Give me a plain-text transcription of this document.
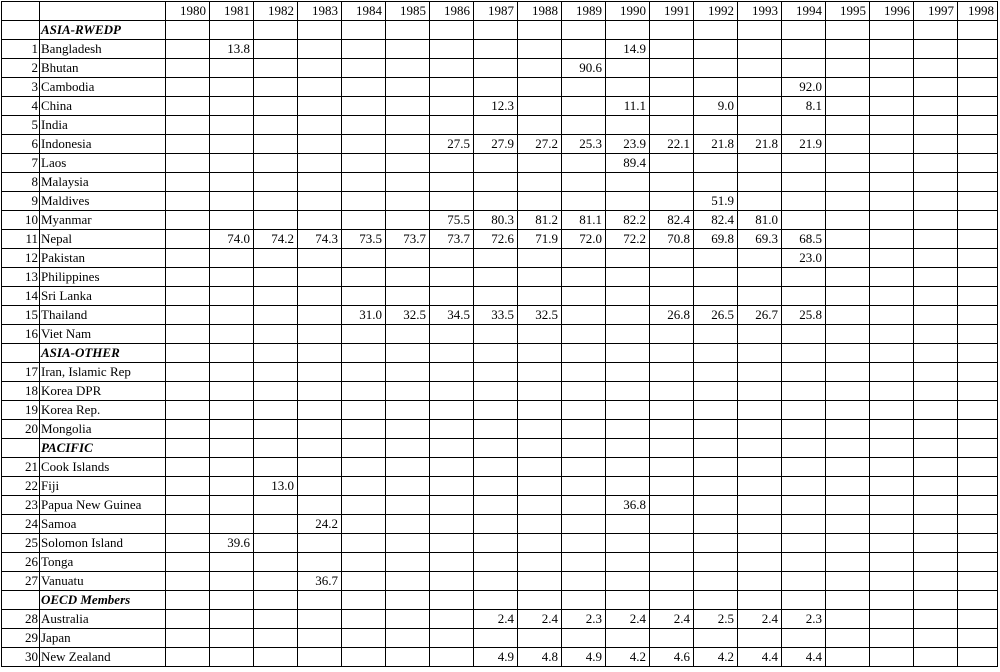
		1980	1981	1982	1983	1984	1985	1986	1987	1988	1989	1990	1991	1992	1993	1994	1995	1996	1997	1998
	ASIA-RWEDP																			
1	Bangladesh		13.8									14.9								
2	Bhutan										90.6									
3	Cambodia															92.0				
4	China								12.3			11.1		9.0		8.1				
5	India																			
6	Indonesia							27.5	27.9	27.2	25.3	23.9	22.1	21.8	21.8	21.9				
7	Laos											89.4								
8	Malaysia																			
9	Maldives													51.9						
10	Myanmar							75.5	80.3	81.2	81.1	82.2	82.4	82.4	81.0					
11	Nepal		74.0	74.2	74.3	73.5	73.7	73.7	72.6	71.9	72.0	72.2	70.8	69.8	69.3	68.5				
12	Pakistan															23.0				
13	Philippines																			
14	Sri Lanka																			
15	Thailand					31.0	32.5	34.5	33.5	32.5			26.8	26.5	26.7	25.8				
16	Viet Nam																			
	ASIA-OTHER																			
17	Iran, Islamic Rep																			
18	Korea DPR																			
19	Korea Rep.																			
20	Mongolia																			
	PACIFIC																			
21	Cook Islands																			
22	Fiji			13.0																
23	Papua New Guinea											36.8								
24	Samoa				24.2															
25	Solomon Island		39.6																	
26	Tonga																			
27	Vanuatu				36.7															
	OECD Members																			
28	Australia								2.4	2.4	2.3	2.4	2.4	2.5	2.4	2.3				
29	Japan																			
30	New Zealand								4.9	4.8	4.9	4.2	4.6	4.2	4.4	4.4				
